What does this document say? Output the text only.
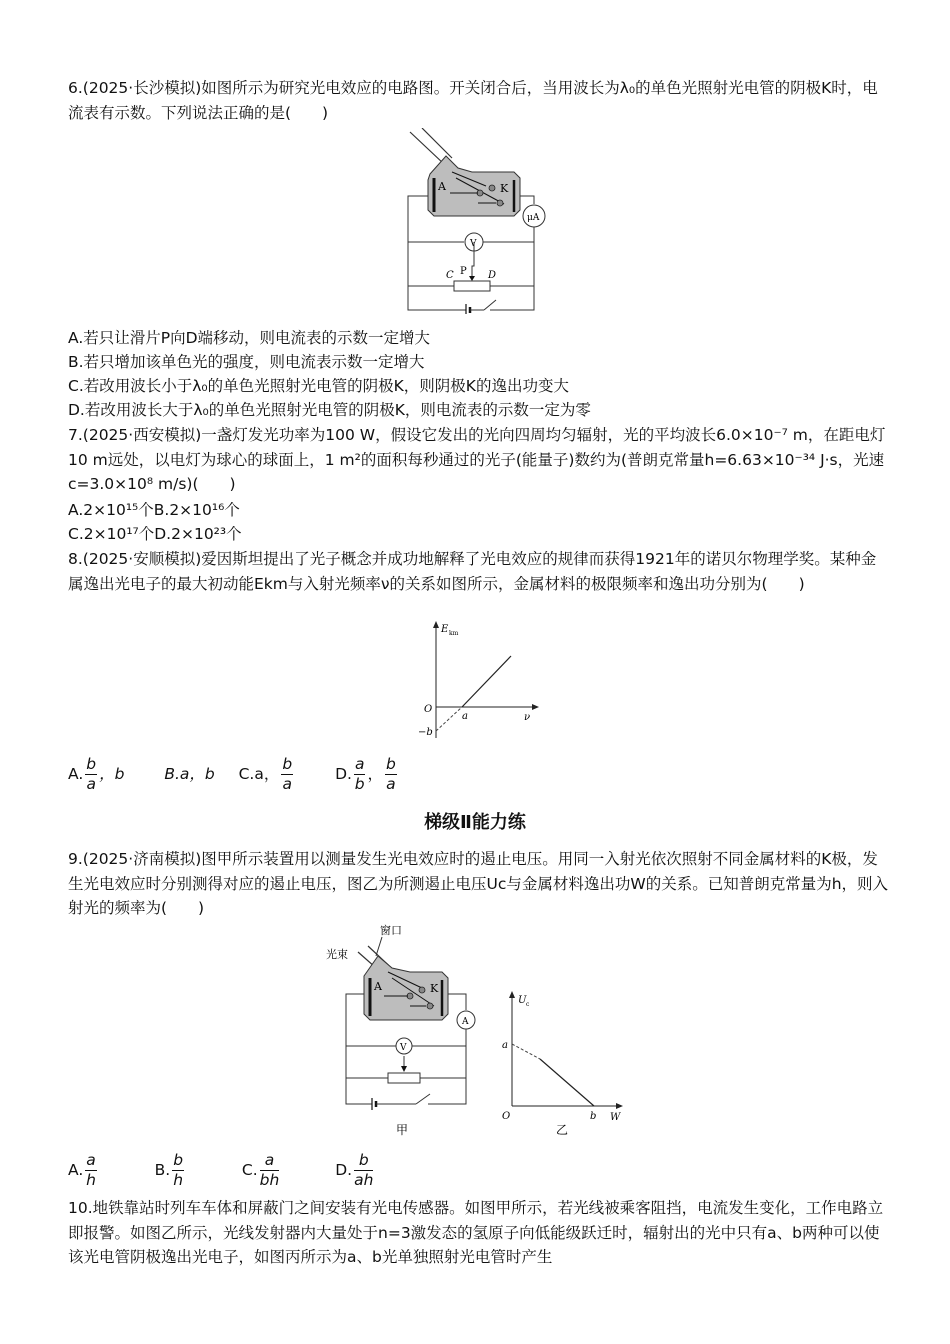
6.(2025·长沙模拟)如图所示为研究光电效应的电路图。开关闭合后，当用波长为λ₀的单色光照射光电管的阴极K时，电流表有示数。下列说法正确的是(　　)

A	K
μA
V
P
C	D
A.若只让滑片P向D端移动，则电流表的示数一定增大
B.若只增加该单色光的强度，则电流表示数一定增大
C.若改用波长小于λ₀的单色光照射光电管的阴极K，则阴极K的逸出功变大
D.若改用波长大于λ₀的单色光照射光电管的阴极K，则电流表的示数一定为零

7.(2025·西安模拟)一盏灯发光功率为100 W，假设它发出的光向四周均匀辐射，光的平均波长6.0×10⁻⁷ m，在距电灯10 m远处，以电灯为球心的球面上，1 m²的面积每秒通过的光子(能量子)数约为(普朗克常量h=6.63×10⁻³⁴ J·s，光速c=3.0×10⁸ m/s)(　　)

A.2×10¹⁵个B.2×10¹⁶个
C.2×10¹⁷个D.2×10²³个

8.(2025·安顺模拟)爱因斯坦提出了光子概念并成功地解释了光电效应的规律而获得1921年的诺贝尔物理学奖。某种金属逸出光电子的最大初动能Ekm与入射光频率ν的关系如图所示，金属材料的极限频率和逸出功分别为(　　)

E km
ν
O
a
−b
A. $\frac{b}{a}$ ，b	B.a，b C.a， $\frac{b}{a}$	D. $\frac{a}{b}$ ， $\frac{b}{a}$
梯级Ⅱ能力练

9.(2025·济南模拟)图甲所示装置用以测量发生光电效应时的遏止电压。用同一入射光依次照射不同金属材料的K极，发生光电效应时分别测得对应的遏止电压，图乙为所测遏止电压Uc与金属材料逸出功W的关系。已知普朗克常量为h，则入射光的频率为(　　)

窗口
光束
A	K
A
V
甲
U c
W
O
a
b
乙
A. $\frac{a}{h}$	B. $\frac{b}{h}$	C. $\frac{a}{bh}$	D. $\frac{b}{ah}$

10.地铁靠站时列车车体和屏蔽门之间安装有光电传感器。如图甲所示，若光线被乘客阻挡，电流发生变化，工作电路立即报警。如图乙所示，光线发射器内大量处于n=3激发态的氢原子向低能级跃迁时，辐射出的光中只有a、b两种可以使该光电管阴极逸出光电子，如图丙所示为a、b光单独照射光电管时产生
